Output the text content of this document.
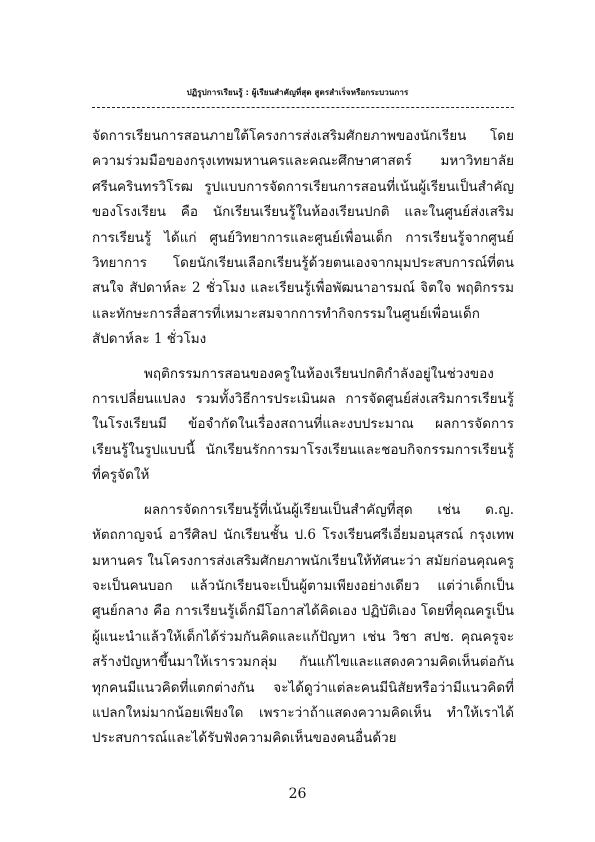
ปฏิรูปการเรียนรู้ : ผู้เรียนสำคัญที่สุด สูตรสำเร็จหรือกระบวนการ
จัดการเรียนการสอนภายใต้โครงการส่งเสริมศักยภาพของนักเรียน โดย
ความร่วมมือของกรุงเทพมหานครและคณะศึกษาศาสตร์ มหาวิทยาลัย
ศรีนครินทรวิโรฒ รูปแบบการจัดการเรียนการสอนที่เน้นผู้เรียนเป็นสำคัญ
ของโรงเรียน คือ นักเรียนเรียนรู้ในห้องเรียนปกติ และในศูนย์ส่งเสริม
การเรียนรู้ ได้แก่ ศูนย์วิทยาการและศูนย์เพื่อนเด็ก การเรียนรู้จากศูนย์
วิทยาการ โดยนักเรียนเลือกเรียนรู้ด้วยตนเองจากมุมประสบการณ์ที่ตน
สนใจ สัปดาห์ละ 2 ชั่วโมง และเรียนรู้เพื่อพัฒนาอารมณ์ จิตใจ พฤติกรรม
และทักษะการสื่อสารที่เหมาะสมจากการทำกิจกรรมในศูนย์เพื่อนเด็ก
สัปดาห์ละ 1 ชั่วโมง
พฤติกรรมการสอนของครูในห้องเรียนปกติกำลังอยู่ในช่วงของ
การเปลี่ยนแปลง รวมทั้งวิธีการประเมินผล การจัดศูนย์ส่งเสริมการเรียนรู้
ในโรงเรียนมี ข้อจำกัดในเรื่องสถานที่และงบประมาณ ผลการจัดการ
เรียนรู้ในรูปแบบนี้ นักเรียนรักการมาโรงเรียนและชอบกิจกรรมการเรียนรู้
ที่ครูจัดให้
ผลการจัดการเรียนรู้ที่เน้นผู้เรียนเป็นสำคัญที่สุด เช่น ด.ญ.
หัตถกาญจน์ อารีศิลป นักเรียนชั้น ป.6 โรงเรียนศรีเอี่ยมอนุสรณ์ กรุงเทพ
มหานคร ในโครงการส่งเสริมศักยภาพนักเรียนให้ทัศนะว่า สมัยก่อนคุณครู
จะเป็นคนบอก แล้วนักเรียนจะเป็นผู้ตามเพียงอย่างเดียว แต่ว่าเด็กเป็น
ศูนย์กลาง คือ การเรียนรู้เด็กมีโอกาสได้คิดเอง ปฏิบัติเอง โดยที่คุณครูเป็น
ผู้แนะนำแล้วให้เด็กได้ร่วมกันคิดและแก้ปัญหา เช่น วิชา สปช. คุณครูจะ
สร้างปัญหาขึ้นมาให้เรารวมกลุ่ม กันแก้ไขและแสดงความคิดเห็นต่อกัน
ทุกคนมีแนวคิดที่แตกต่างกัน จะได้ดูว่าแต่ละคนมีนิสัยหรือว่ามีแนวคิดที่
แปลกใหม่มากน้อยเพียงใด เพราะว่าถ้าแสดงความคิดเห็น ทำให้เราได้
ประสบการณ์และได้รับฟังความคิดเห็นของคนอื่นด้วย
26
